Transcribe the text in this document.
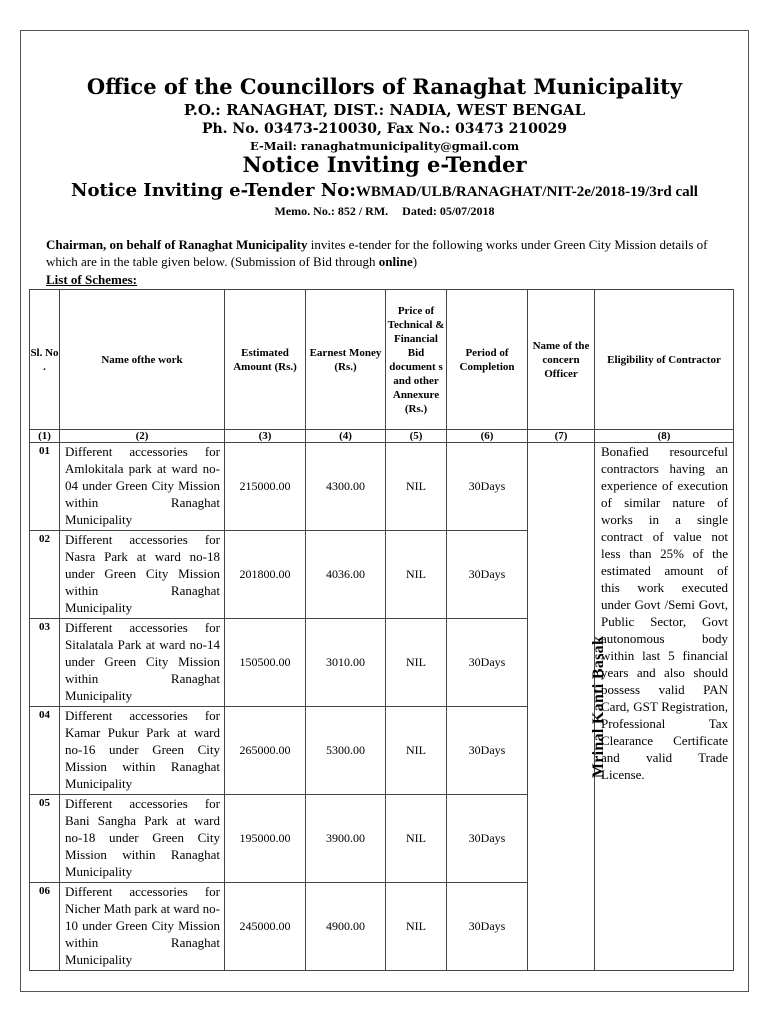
Office of the Councillors of Ranaghat Municipality
P.O.: RANAGHAT, DIST.: NADIA, WEST BENGAL
Ph. No. 03473-210030, Fax No.: 03473 210029
E-Mail: ranaghatmunicipality@gmail.com
Notice Inviting e-Tender
Notice Inviting e-Tender No:WBMAD/ULB/RANAGHAT/NIT-2e/2018-19/3rd call
Memo. No.: 852 / RM. Dated: 05/07/2018
Chairman, on behalf of Ranaghat Municipality invites e-tender for the following works under Green City Mission details of which are in the table given below. (Submission of Bid through online)
List of Schemes:
Sl. No .	Name ofthe work	Estimated Amount (Rs.)	Earnest Money (Rs.)	Price of Technical & Financial Bid document s and other Annexure (Rs.)	Period of Completion	Name of the concern Officer	Eligibility of Contractor
(1)	(2)	(3)	(4)	(5)	(6)	(7)	(8)
01	Different accessories for Amlokitala park at ward no-04 under Green City Mission within Ranaghat Municipality	215000.00	4300.00	NIL	30Days	Mrinal Kanti Basak	Bonafied resourceful contractors having an experience of execution of similar nature of works in a single contract of value not less than 25% of the estimated amount of this work executed under Govt /Semi Govt, Public Sector, Govt autonomous body within last 5 financial years and also should possess valid PAN Card, GST Registration, Professional Tax Clearance Certificate and valid Trade License.
02	Different accessories for Nasra Park at ward no-18 under Green City Mission within Ranaghat Municipality	201800.00	4036.00	NIL	30Days		
03	Different accessories for Sitalatala Park at ward no-14 under Green City Mission within Ranaghat Municipality	150500.00	3010.00	NIL	30Days		
04	Different accessories for Kamar Pukur Park at ward no-16 under Green City Mission within Ranaghat Municipality	265000.00	5300.00	NIL	30Days		
05	Different accessories for Bani Sangha Park at ward no-18 under Green City Mission within Ranaghat Municipality	195000.00	3900.00	NIL	30Days		
06	Different accessories for Nicher Math park at ward no-10 under Green City Mission within Ranaghat Municipality	245000.00	4900.00	NIL	30Days		
